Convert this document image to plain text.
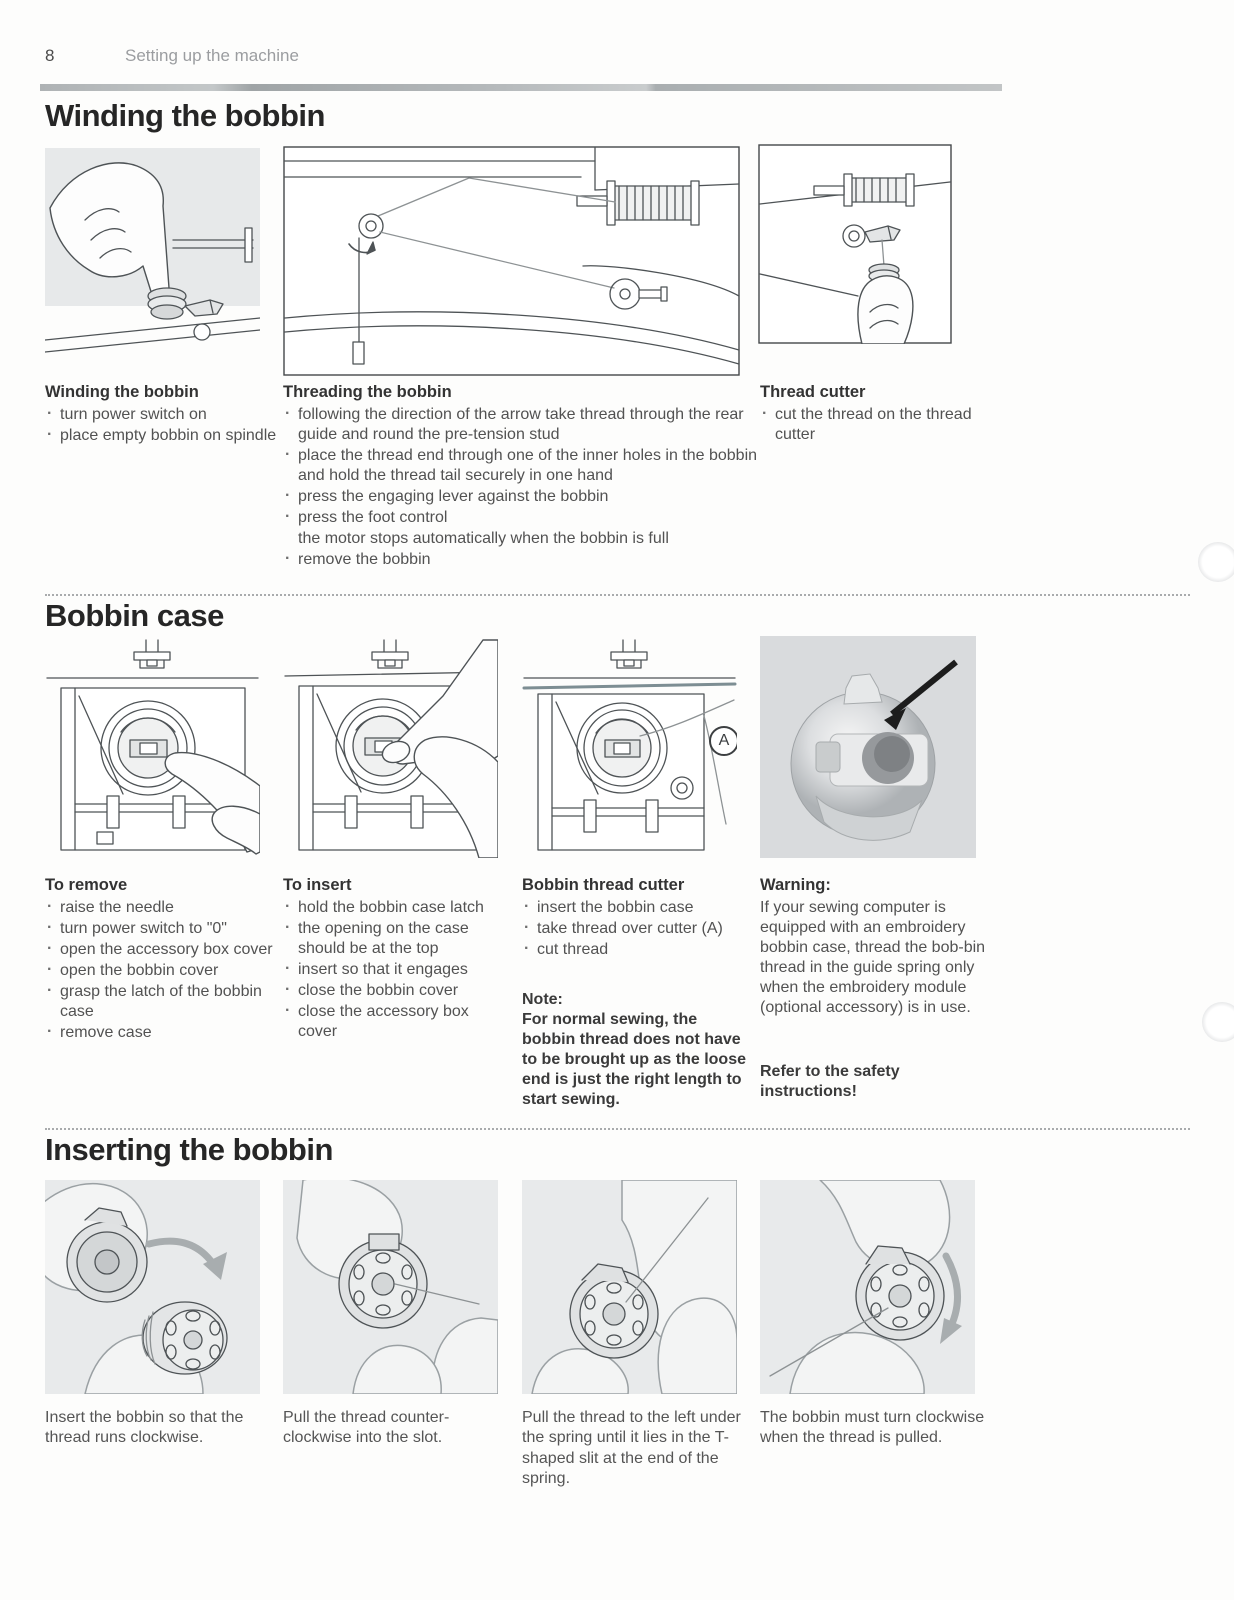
8	Setting up the machine
Winding the bobbin
Winding the bobbin
· turn power switch on
· place empty bobbin on spindle
Threading the bobbin
· following the direction of the arrow take thread through the rear guide and round the pre-tension stud
· place the thread end through one of the inner holes in the bobbin and hold the thread tail securely in one hand
· press the engaging lever against the bobbin
· press the foot control
the motor stops automatically when the bobbin is full
· remove the bobbin
Thread cutter
· cut the thread on the thread cutter
Bobbin case
A
To remove
· raise the needle
· turn power switch to "0"
· open the accessory box cover
· open the bobbin cover
· grasp the latch of the bobbin case
· remove case
To insert
· hold the bobbin case latch
· the opening on the case should be at the top
· insert so that it engages
· close the bobbin cover
· close the accessory box cover
Bobbin thread cutter
· insert the bobbin case
· take thread over cutter (A)
· cut thread
Note:
For normal sewing, the bobbin thread does not have to be brought up as the loose end is just the right length to start sewing.
Warning:
If your sewing computer is equipped with an embroidery bobbin case, thread the bob-bin thread in the guide spring only when the embroidery module (optional accessory) is in use.
Refer to the safety instructions!
Inserting the bobbin
Insert the bobbin so that the thread runs clockwise.
Pull the thread counter-clockwise into the slot.
Pull the thread to the left under the spring until it lies in the T-shaped slit at the end of the spring.
The bobbin must turn clockwise when the thread is pulled.
